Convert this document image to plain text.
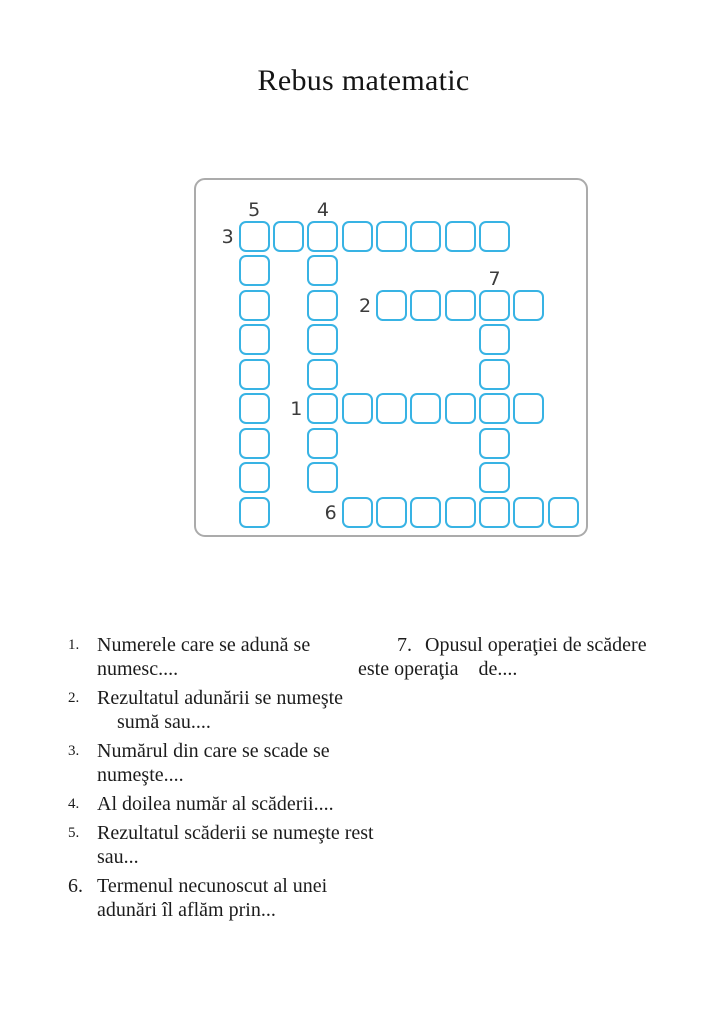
Rebus matematic
3
5	4
2
7
1
6
1. Numerele care se adună se
numesc....
2. Rezultatul adunării se numeşte
sumă sau....
3. Numărul din care se scade se
numeşte....
4. Al doilea număr al scăderii....
5. Rezultatul scăderii se numeşte rest
sau...
6. Termenul necunoscut al unei
adunări îl aflăm prin...
7. Opusul operaţiei de scădere
este operaţia    de....
